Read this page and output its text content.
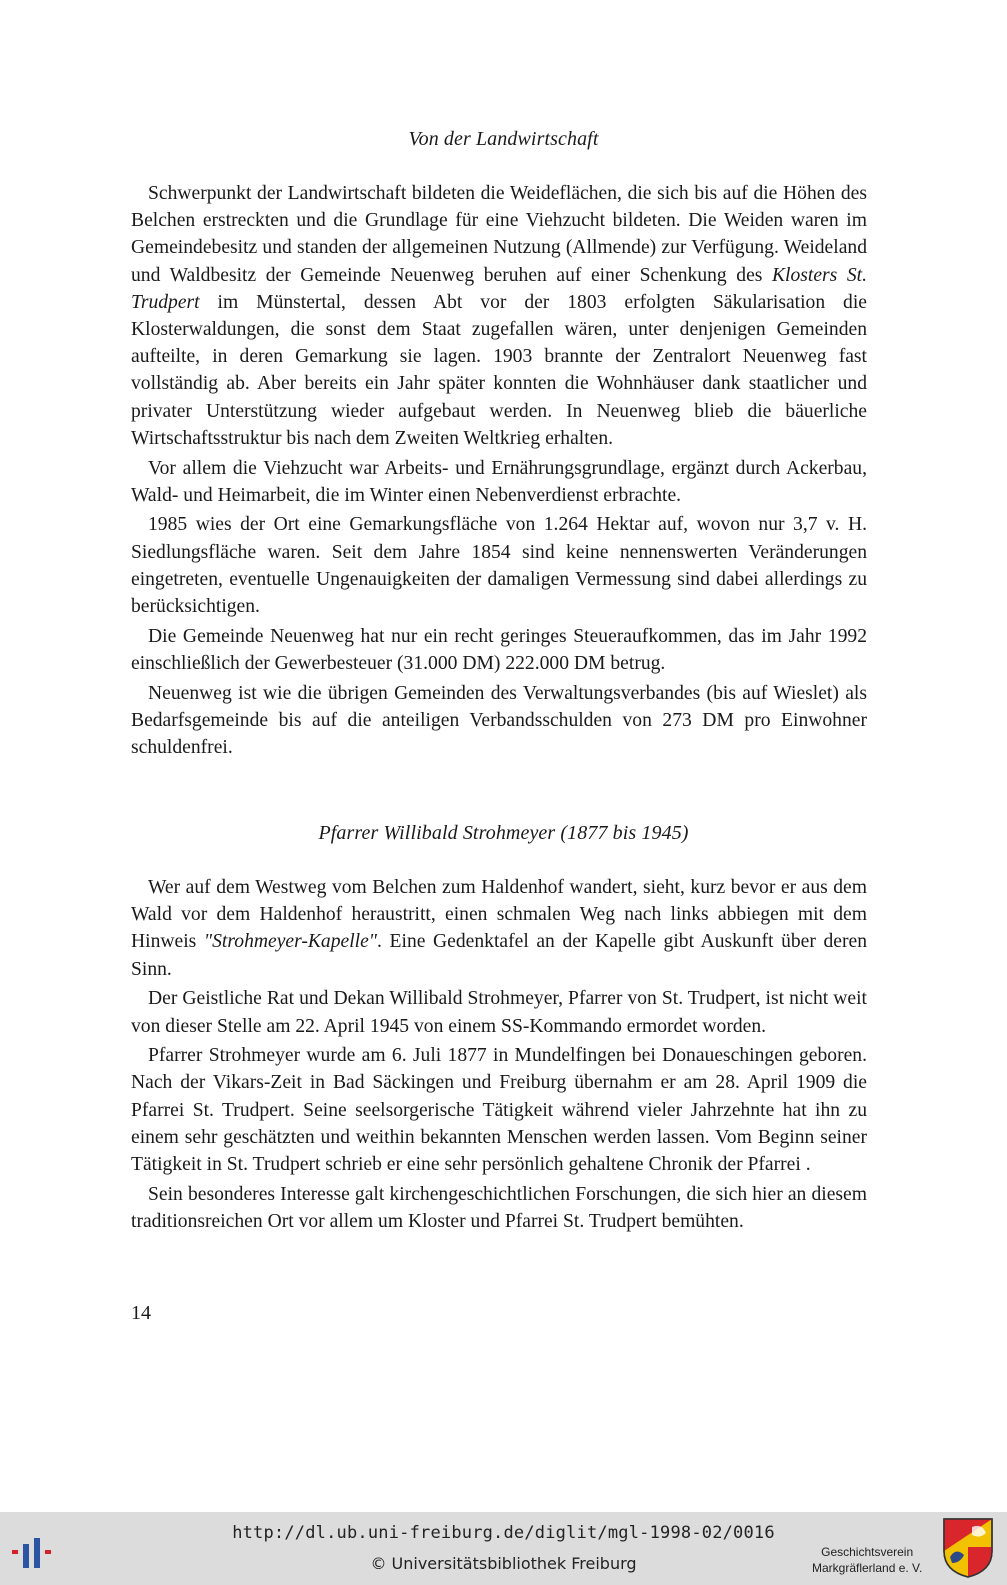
Von der Landwirtschaft

Schwerpunkt der Landwirtschaft bildeten die Weideflächen, die sich bis auf die Höhen des Belchen erstreckten und die Grundlage für eine Viehzucht bildeten. Die Weiden waren im Gemeindebesitz und standen der allgemeinen Nutzung (Allmende) zur Verfügung. Weideland und Waldbesitz der Gemeinde Neuenweg beruhen auf einer Schenkung des Klosters St. Trudpert im Münstertal, dessen Abt vor der 1803 erfolgten Säkularisation die Klosterwaldungen, die sonst dem Staat zugefallen wären, unter denjenigen Gemeinden aufteilte, in deren Gemarkung sie lagen. 1903 brannte der Zentralort Neuenweg fast vollständig ab. Aber bereits ein Jahr später konnten die Wohnhäuser dank staatlicher und privater Unterstützung wieder aufgebaut werden. In Neuenweg blieb die bäuerliche Wirtschaftsstruktur bis nach dem Zweiten Weltkrieg erhalten.

Vor allem die Viehzucht war Arbeits- und Ernährungsgrundlage, ergänzt durch Ackerbau, Wald- und Heimarbeit, die im Winter einen Nebenverdienst erbrachte.

1985 wies der Ort eine Gemarkungsfläche von 1.264 Hektar auf, wovon nur 3,7 v. H. Siedlungsfläche waren. Seit dem Jahre 1854 sind keine nennenswerten Veränderungen eingetreten, eventuelle Ungenauigkeiten der damaligen Vermessung sind dabei allerdings zu berücksichtigen.

Die Gemeinde Neuenweg hat nur ein recht geringes Steueraufkommen, das im Jahr 1992 einschließlich der Gewerbesteuer (31.000 DM) 222.000 DM betrug.

Neuenweg ist wie die übrigen Gemeinden des Verwaltungsverbandes (bis auf Wieslet) als Bedarfsgemeinde bis auf die anteiligen Verbandsschulden von 273 DM pro Einwohner schuldenfrei.

Pfarrer Willibald Strohmeyer (1877 bis 1945)

Wer auf dem Westweg vom Belchen zum Haldenhof wandert, sieht, kurz bevor er aus dem Wald vor dem Haldenhof heraustritt, einen schmalen Weg nach links abbiegen mit dem Hinweis "Strohmeyer-Kapelle". Eine Gedenktafel an der Kapelle gibt Auskunft über deren Sinn.

Der Geistliche Rat und Dekan Willibald Strohmeyer, Pfarrer von St. Trudpert, ist nicht weit von dieser Stelle am 22. April 1945 von einem SS-Kommando ermordet worden.

Pfarrer Strohmeyer wurde am 6. Juli 1877 in Mundelfingen bei Donaueschingen geboren. Nach der Vikars-Zeit in Bad Säckingen und Freiburg übernahm er am 28. April 1909 die Pfarrei St. Trudpert. Seine seelsorgerische Tätigkeit während vieler Jahrzehnte hat ihn zu einem sehr geschätzten und weithin bekannten Menschen werden lassen. Vom Beginn seiner Tätigkeit in St. Trudpert schrieb er eine sehr persönlich gehaltene Chronik der Pfarrei .

Sein besonderes Interesse galt kirchengeschichtlichen Forschungen, die sich hier an diesem traditionsreichen Ort vor allem um Kloster und Pfarrei St. Trudpert bemühten.

14
http://dl.ub.uni-freiburg.de/diglit/mgl-1998-02/0016
© Universitätsbibliothek Freiburg
Geschichtsverein
Markgräflerland e. V.
